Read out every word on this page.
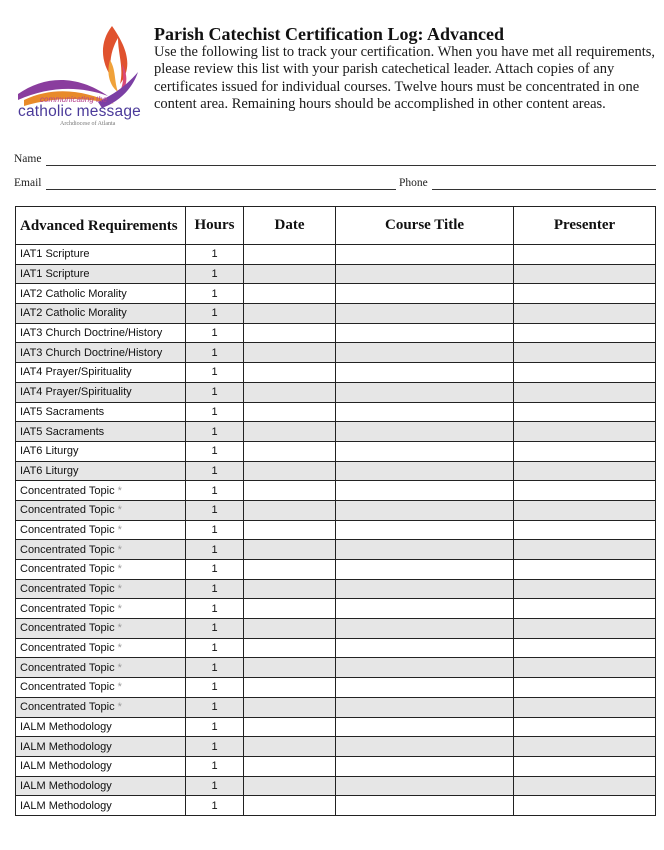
communicating the
catholic message
Archdiocese of Atlanta
Parish Catechist Certification Log: Advanced
Use the following list to track your certification. When you have met all requirements, please review this list with your parish catechetical leader. Attach copies of any certificates issued for individual courses. Twelve hours must be concentrated in one content area. Remaining hours should be accomplished in other content areas.
Name
Email	Phone
Advanced Requirements	Hours	Date	Course Title	Presenter
IAT1 Scripture	1			
IAT1 Scripture	1			
IAT2 Catholic Morality	1			
IAT2 Catholic Morality	1			
IAT3 Church Doctrine/History	1			
IAT3 Church Doctrine/History	1			
IAT4 Prayer/Spirituality	1			
IAT4 Prayer/Spirituality	1			
IAT5 Sacraments	1			
IAT5 Sacraments	1			
IAT6 Liturgy	1			
IAT6 Liturgy	1			
Concentrated Topic *	1			
Concentrated Topic *	1			
Concentrated Topic *	1			
Concentrated Topic *	1			
Concentrated Topic *	1			
Concentrated Topic *	1			
Concentrated Topic *	1			
Concentrated Topic *	1			
Concentrated Topic *	1			
Concentrated Topic *	1			
Concentrated Topic *	1			
Concentrated Topic *	1			
IALM Methodology	1			
IALM Methodology	1			
IALM Methodology	1			
IALM Methodology	1			
IALM Methodology	1			
